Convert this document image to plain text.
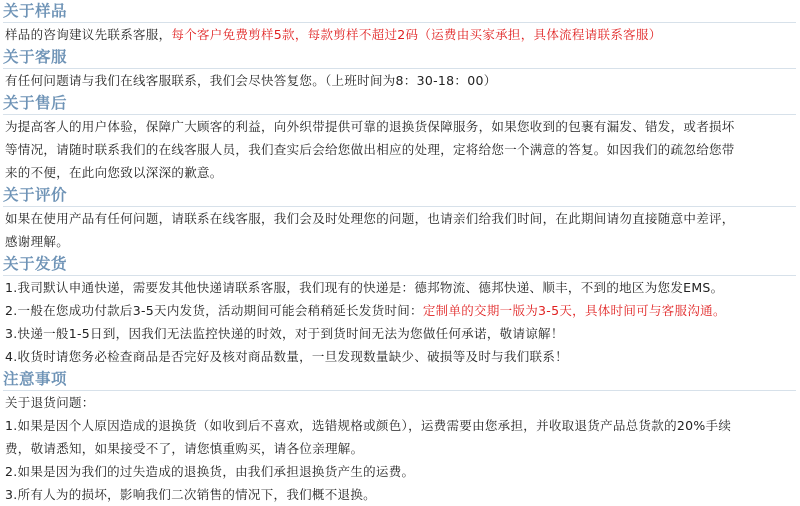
关于样品
样品的咨询建议先联系客服，每个客户免费剪样5款，每款剪样不超过2码（运费由买家承担，具体流程请联系客服）
关于客服
有任何问题请与我们在线客服联系，我们会尽快答复您。（上班时间为8：30-18：00）
关于售后
为提高客人的用户体验，保障广大顾客的利益，向外织带提供可靠的退换货保障服务，如果您收到的包裹有漏发、错发，或者损坏
等情况，请随时联系我们的在线客服人员，我们查实后会给您做出相应的处理，定将给您一个满意的答复。如因我们的疏忽给您带
来的不便，在此向您致以深深的歉意。
关于评价
如果在使用产品有任何问题，请联系在线客服，我们会及时处理您的问题，也请亲们给我们时间，在此期间请勿直接随意中差评，
感谢理解。
关于发货
1.我司默认申通快递，需要发其他快递请联系客服，我们现有的快递是：德邦物流、德邦快递、顺丰，不到的地区为您发EMS。
2.一般在您成功付款后3-5天内发货，活动期间可能会稍稍延长发货时间：定制单的交期一版为3-5天，具体时间可与客服沟通。
3.快递一般1-5日到，因我们无法监控快递的时效，对于到货时间无法为您做任何承诺，敬请谅解！
4.收货时请您务必检查商品是否完好及核对商品数量，一旦发现数量缺少、破损等及时与我们联系！
注意事项
关于退货问题：
1.如果是因个人原因造成的退换货（如收到后不喜欢，选错规格或颜色），运费需要由您承担，并收取退货产品总货款的20%手续
费，敬请悉知，如果接受不了，请您慎重购买，请各位亲理解。
2.如果是因为我们的过失造成的退换货，由我们承担退换货产生的运费。
3.所有人为的损坏，影响我们二次销售的情况下，我们概不退换。
